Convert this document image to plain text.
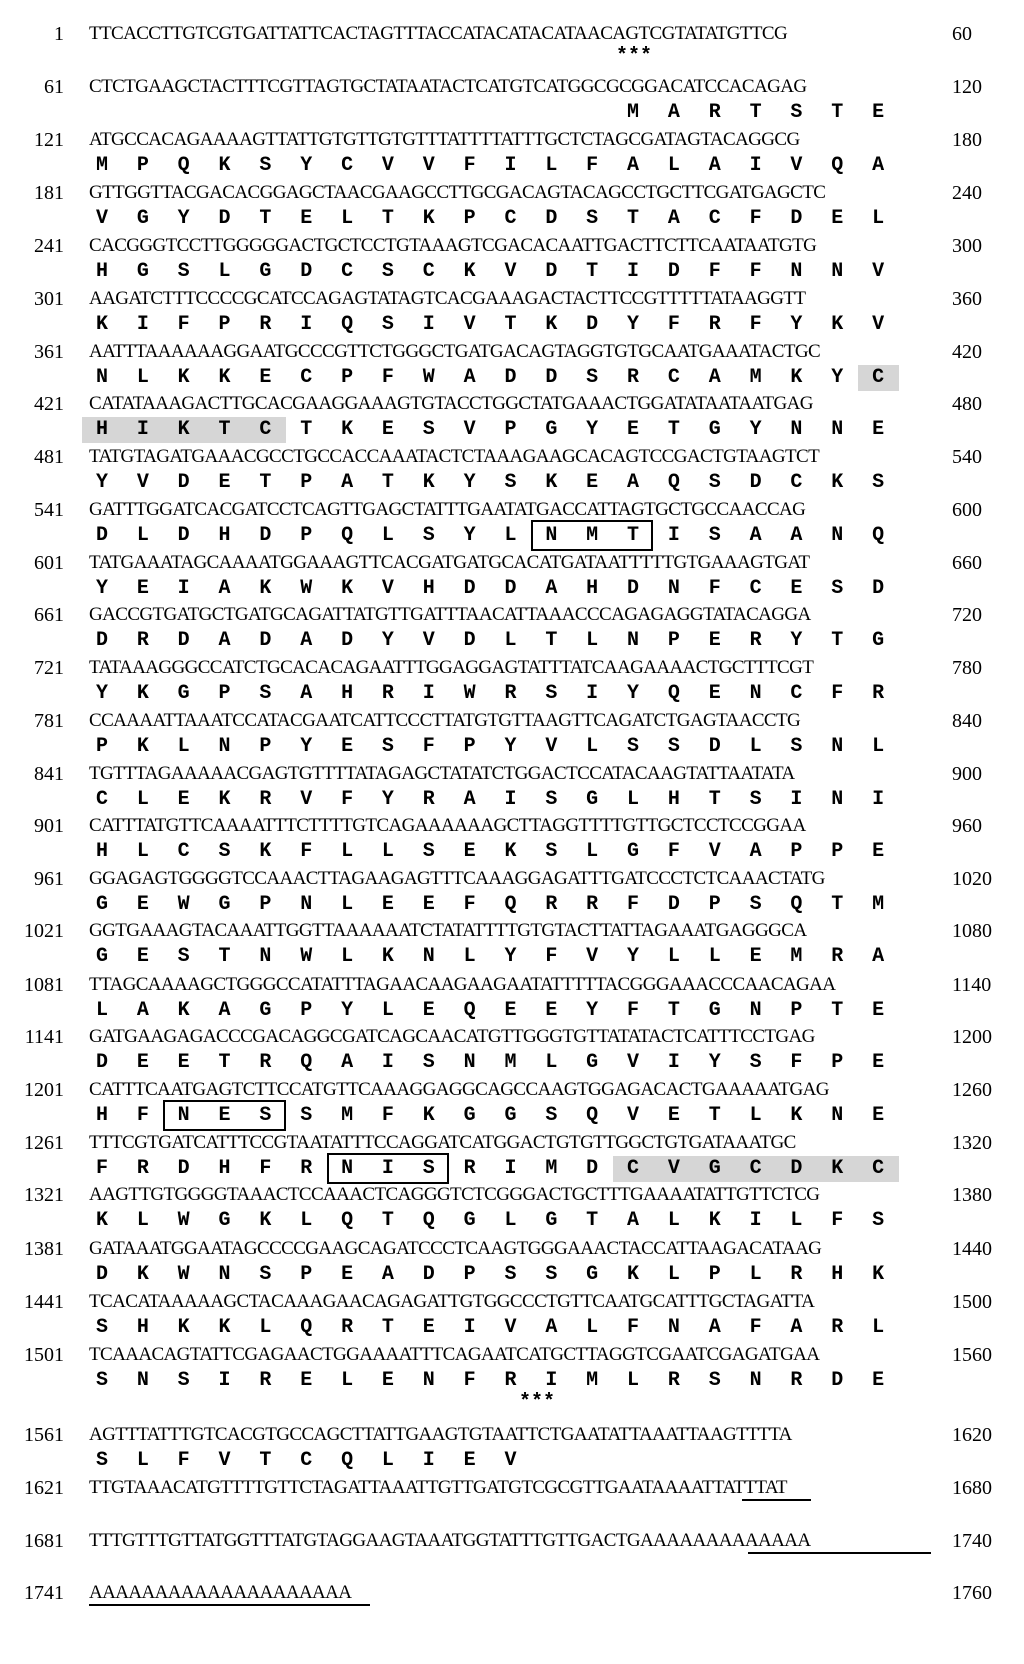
1 TTCACCTTGTCGTGATTATTCACTAGTTTACCATACATACATAACAGTCGTATATGTTCG	60
61 CTCTGAAGCTACTTTCGTTAGTGCTATAATACTCATGTCATGGCGCGGACATCCACAGAG	120
M	A	R	T	S	T	E
121 ATGCCACAGAAAAGTTATTGTGTTGTGTTTATTTTATTTGCTCTAGCGATAGTACAGGCG	180
M	P	Q	K	S	Y	C	V	V	F	I	L	F	A	L	A	I	V	Q	A
181 GTTGGTTACGACACGGAGCTAACGAAGCCTTGCGACAGTACAGCCTGCTTCGATGAGCTC	240
V	G	Y	D	T	E	L	T	K	P	C	D	S	T	A	C	F	D	E	L
241 CACGGGTCCTTGGGGGACTGCTCCTGTAAAGTCGACACAATTGACTTCTTCAATAATGTG	300
H	G	S	L	G	D	C	S	C	K	V	D	T	I	D	F	F	N	N	V
301 AAGATCTTTCCCCGCATCCAGAGTATAGTCACGAAAGACTACTTCCGTTTTTATAAGGTT	360
K	I	F	P	R	I	Q	S	I	V	T	K	D	Y	F	R	F	Y	K	V
361 AATTTAAAAAAGGAATGCCCGTTCTGGGCTGATGACAGTAGGTGTGCAATGAAATACTGC	420
N	L	K	K	E	C	P	F	W	A	D	D	S	R	C	A	M	K	Y	C
421 CATATAAAGACTTGCACGAAGGAAAGTGTACCTGGCTATGAAACTGGATATAATAATGAG	480
H	I	K	T	C	T	K	E	S	V	P	G	Y	E	T	G	Y	N	N	E
481 TATGTAGATGAAACGCCTGCCACCAAATACTCTAAAGAAGCACAGTCCGACTGTAAGTCT	540
Y	V	D	E	T	P	A	T	K	Y	S	K	E	A	Q	S	D	C	K	S
541 GATTTGGATCACGATCCTCAGTTGAGCTATTTGAATATGACCATTAGTGCTGCCAACCAG	600
D	L	D	H	D	P	Q	L	S	Y	L	N	M	T	I	S	A	A	N	Q
601 TATGAAATAGCAAAATGGAAAGTTCACGATGATGCACATGATAATTTTTGTGAAAGTGAT	660
Y	E	I	A	K	W	K	V	H	D	D	A	H	D	N	F	C	E	S	D
661 GACCGTGATGCTGATGCAGATTATGTTGATTTAACATTAAACCCAGAGAGGTATACAGGA	720
D	R	D	A	D	A	D	Y	V	D	L	T	L	N	P	E	R	Y	T	G
721 TATAAAGGGCCATCTGCACACAGAATTTGGAGGAGTATTTATCAAGAAAACTGCTTTCGT	780
Y	K	G	P	S	A	H	R	I	W	R	S	I	Y	Q	E	N	C	F	R
781 CCAAAATTAAATCCATACGAATCATTCCCTTATGTGTTAAGTTCAGATCTGAGTAACCTG	840
P	K	L	N	P	Y	E	S	F	P	Y	V	L	S	S	D	L	S	N	L
841 TGTTTAGAAAAACGAGTGTTTTATAGAGCTATATCTGGACTCCATACAAGTATTAATATA	900
C	L	E	K	R	V	F	Y	R	A	I	S	G	L	H	T	S	I	N	I
901 CATTTATGTTCAAAATTTCTTTTGTCAGAAAAAAGCTTAGGTTTTGTTGCTCCTCCGGAA	960
H	L	C	S	K	F	L	L	S	E	K	S	L	G	F	V	A	P	P	E
961 GGAGAGTGGGGTCCAAACTTAGAAGAGTTTCAAAGGAGATTTGATCCCTCTCAAACTATG	1020
G	E	W	G	P	N	L	E	E	F	Q	R	R	F	D	P	S	Q	T	M
1021 GGTGAAAGTACAAATTGGTTAAAAAATCTATATTTTGTGTACTTATTAGAAATGAGGGCA	1080
G	E	S	T	N	W	L	K	N	L	Y	F	V	Y	L	L	E	M	R	A
1081 TTAGCAAAAGCTGGGCCATATTTAGAACAAGAAGAATATTTTTACGGGAAACCCAACAGAA	1140
L	A	K	A	G	P	Y	L	E	Q	E	E	Y	F	T	G	N	P	T	E
1141 GATGAAGAGACCCGACAGGCGATCAGCAACATGTTGGGTGTTATATACTCATTTCCTGAG	1200
D	E	E	T	R	Q	A	I	S	N	M	L	G	V	I	Y	S	F	P	E
1201 CATTTCAATGAGTCTTCCATGTTCAAAGGAGGCAGCCAAGTGGAGACACTGAAAAATGAG	1260
H	F	N	E	S	S	M	F	K	G	G	S	Q	V	E	T	L	K	N	E
1261 TTTCGTGATCATTTCCGTAATATTTCCAGGATCATGGACTGTGTTGGCTGTGATAAATGC	1320
F	R	D	H	F	R	N	I	S	R	I	M	D	C	V	G	C	D	K	C
1321 AAGTTGTGGGGTAAACTCCAAACTCAGGGTCTCGGGACTGCTTTGAAAATATTGTTCTCG	1380
K	L	W	G	K	L	Q	T	Q	G	L	G	T	A	L	K	I	L	F	S
1381 GATAAATGGAATAGCCCCGAAGCAGATCCCTCAAGTGGGAAACTACCATTAAGACATAAG	1440
D	K	W	N	S	P	E	A	D	P	S	S	G	K	L	P	L	R	H	K
1441 TCACATAAAAAGCTACAAAGAACAGAGATTGTGGCCCTGTTCAATGCATTTGCTAGATTA	1500
S	H	K	K	L	Q	R	T	E	I	V	A	L	F	N	A	F	A	R	L
1501 TCAAACAGTATTCGAGAACTGGAAAATTTCAGAATCATGCTTAGGTCGAATCGAGATGAA	1560
S	N	S	I	R	E	L	E	N	F	R	I	M	L	R	S	N	R	D	E
1561 AGTTTATTTGTCACGTGCCAGCTTATTGAAGTGTAATTCTGAATATTAAATTAAGTTTTA	1620
S	L	F	V	T	C	Q	L	I	E	V
1621 TTGTAAACATGTTTTGTTCTAGATTAAATTGTTGATGTCGCGTTGAATAAAATTATTTAT	1680
1681 TTTGTTTGTTATGGTTTATGTAGGAAGTAAATGGTATTTGTTGACTGAAAAAAAAAAAAA	1740
1741 AAAAAAAAAAAAAAAAAAAA	1760
***
***
